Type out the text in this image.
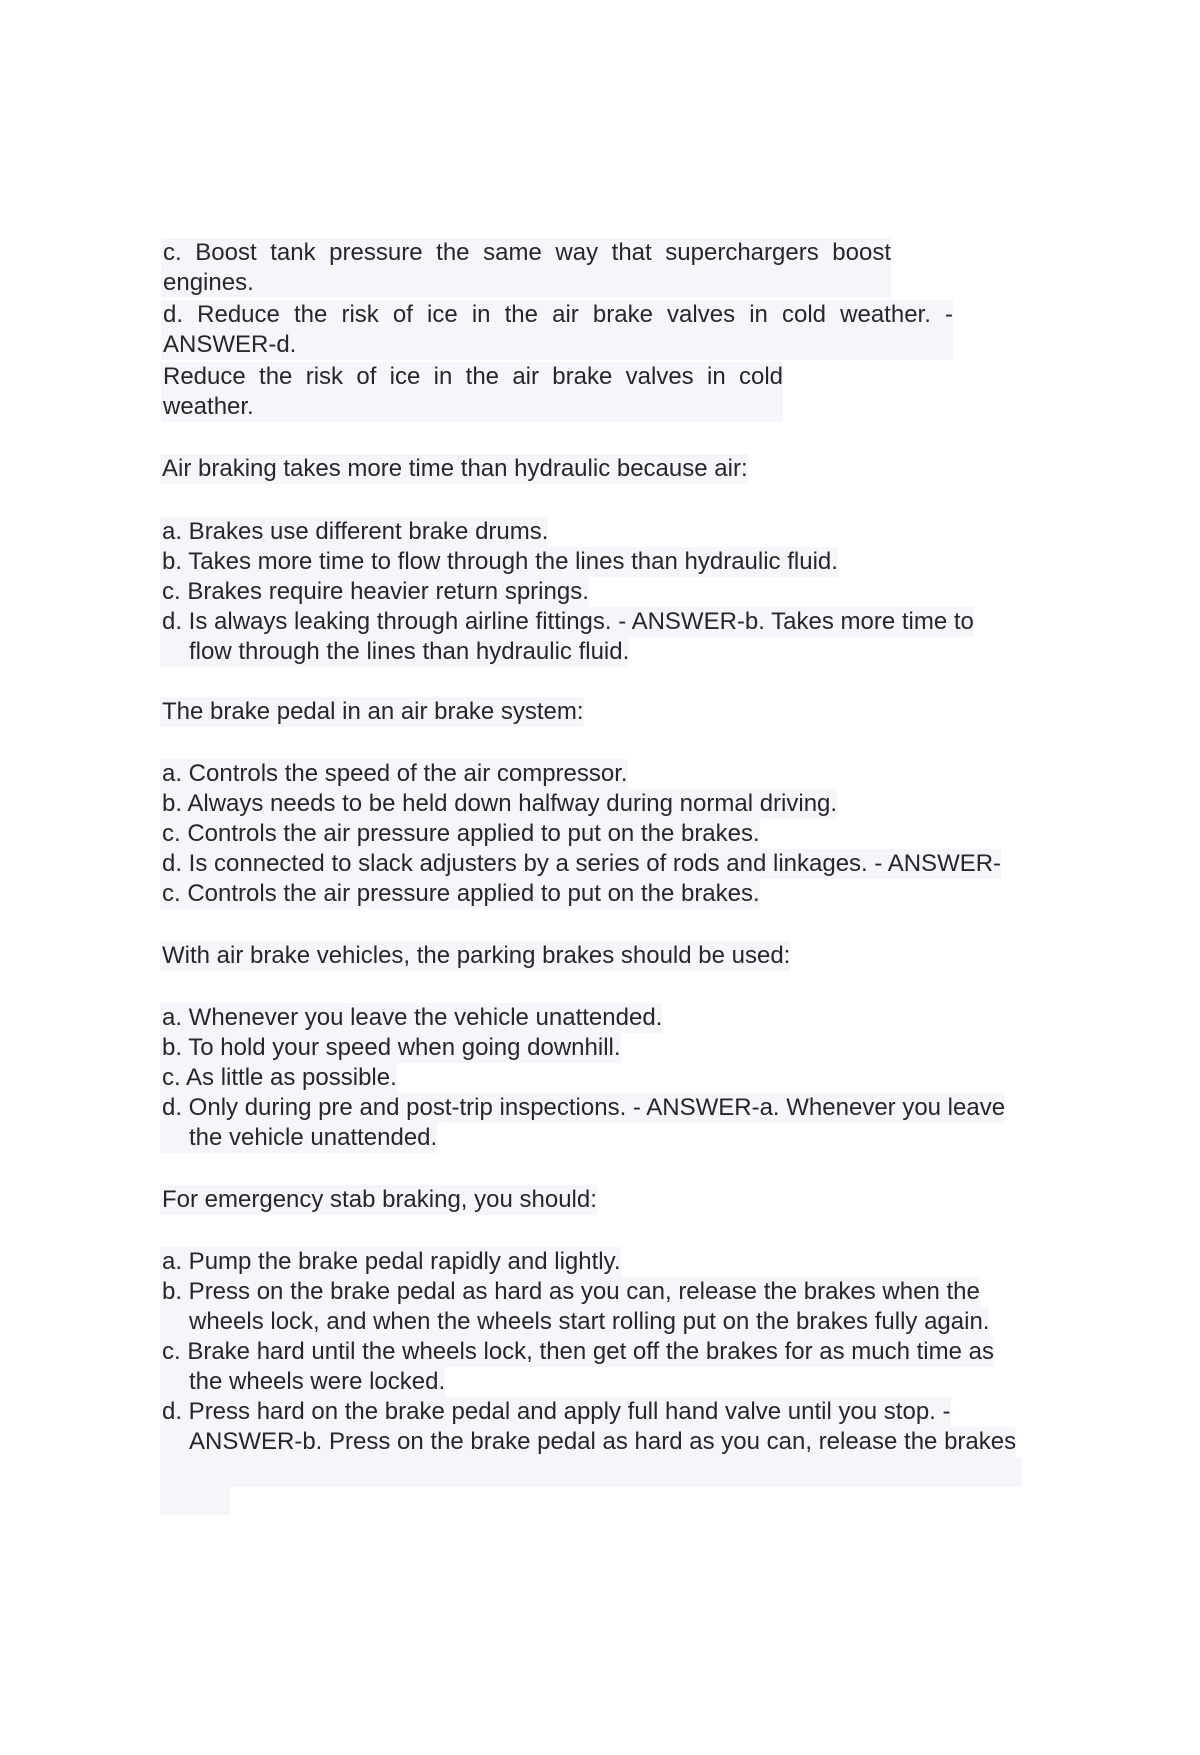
c. Boost tank pressure the same way that superchargers boost
engines.
d. Reduce the risk of ice in the air brake valves in cold weather. -
ANSWER-d.
Reduce the risk of ice in the air brake valves in cold
weather.
Air braking takes more time than hydraulic because air:
a. Brakes use different brake drums.
b. Takes more time to flow through the lines than hydraulic fluid.
c. Brakes require heavier return springs.
d. Is always leaking through airline fittings. - ANSWER-b. Takes more time to
flow through the lines than hydraulic fluid.
The brake pedal in an air brake system:
a. Controls the speed of the air compressor.
b. Always needs to be held down halfway during normal driving.
c. Controls the air pressure applied to put on the brakes.
d. Is connected to slack adjusters by a series of rods and linkages. - ANSWER-
c. Controls the air pressure applied to put on the brakes.
With air brake vehicles, the parking brakes should be used:
a. Whenever you leave the vehicle unattended.
b. To hold your speed when going downhill.
c. As little as possible.
d. Only during pre and post-trip inspections. - ANSWER-a. Whenever you leave
the vehicle unattended.
For emergency stab braking, you should:
a. Pump the brake pedal rapidly and lightly.
b. Press on the brake pedal as hard as you can, release the brakes when the
wheels lock, and when the wheels start rolling put on the brakes fully again.
c. Brake hard until the wheels lock, then get off the brakes for as much time as
the wheels were locked.
d. Press hard on the brake pedal and apply full hand valve until you stop. -
ANSWER-b. Press on the brake pedal as hard as you can, release the brakes
